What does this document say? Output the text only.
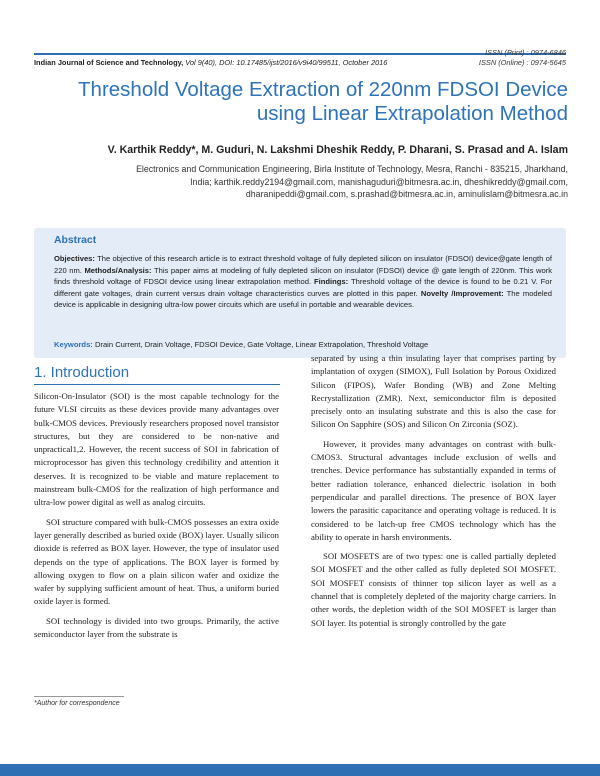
Indian Journal of Science and Technology, Vol 9(40), DOI: 10.17485/ijst/2016/v9i40/99511, October 2016
ISSN (Print) : 0974-6846
ISSN (Online) : 0974-5645
Threshold Voltage Extraction of 220nm FDSOI Device using Linear Extrapolation Method
V. Karthik Reddy*, M. Guduri, N. Lakshmi Dheshik Reddy, P. Dharani, S. Prasad and A. Islam
Electronics and Communication Engineering, Birla Institute of Technology, Mesra, Ranchi - 835215, Jharkhand,
India; karthik.reddy2194@gmail.com, manishaguduri@bitmesra.ac.in, dheshikreddy@gmail.com,
dharanipeddi@gmail.com, s.prashad@bitmesra.ac.in, aminulislam@bitmesra.ac.in
Abstract
Objectives: The objective of this research article is to extract threshold voltage of fully depleted silicon on insulator (FDSOI) device@gate length of 220 nm. Methods/Analysis: This paper aims at modeling of fully depleted silicon on insulator (FDSOI) device @ gate length of 220nm. This work finds threshold voltage of FDSOI device using linear extrapolation method. Findings: Threshold voltage of the device is found to be 0.21 V. For different gate voltages, drain current versus drain voltage characteristics curves are plotted in this paper. Novelty /Improvement: The modeled device is applicable in designing ultra-low power circuits which are useful in portable and wearable devices.
Keywords: Drain Current, Drain Voltage, FDSOI Device, Gate Voltage, Linear Extrapolation, Threshold Voltage
1. Introduction

Silicon-On-Insulator (SOI) is the most capable technology for the future VLSI circuits as these devices provide many advantages over bulk-CMOS devices. Previously researchers proposed novel transistor structures, but they are considered to be non-native and unpractical1,2. However, the recent success of SOI in fabrication of microprocessor has given this technology credibility and attention it deserves. It is recognized to be viable and mature replacement to mainstream bulk-CMOS for the realization of high performance and ultra-low power digital as well as analog circuits.

SOI structure compared with bulk-CMOS possesses an extra oxide layer generally described as buried oxide (BOX) layer. Usually silicon dioxide is referred as BOX layer. However, the type of insulator used depends on the type of applications. The BOX layer is formed by allowing oxygen to flow on a plain silicon wafer and oxidize the wafer by supplying sufficient amount of heat. Thus, a uniform buried oxide layer is formed.

SOI technology is divided into two groups. Primarily, the active semiconductor layer from the substrate is

separated by using a thin insulating layer that comprises parting by implantation of oxygen (SIMOX), Full Isolation by Porous Oxidized Silicon (FIPOS), Wafer Bonding (WB) and Zone Melting Recrystallization (ZMR). Next, semiconductor film is deposited precisely onto an insulating substrate and this is also the case for Silicon On Sapphire (SOS) and Silicon On Zirconia (SOZ).

However, it provides many advantages on contrast with bulk-CMOS3. Structural advantages include exclusion of wells and trenches. Device performance has substantially expanded in terms of better radiation tolerance, enhanced dielectric isolation in both perpendicular and parallel directions. The presence of BOX layer lowers the parasitic capacitance and operating voltage is reduced. It is considered to be latch-up free CMOS technology which has the ability to operate in harsh environments.

SOI MOSFETS are of two types: one is called partially depleted SOI MOSFET and the other called as fully depleted SOI MOSFET. SOI MOSFET consists of thinner top silicon layer as well as a channel that is completely depleted of the majority charge carriers. In other words, the depletion width of the SOI MOSFET is larger than SOI layer. Its potential is strongly controlled by the gate

*Author for correspondence
